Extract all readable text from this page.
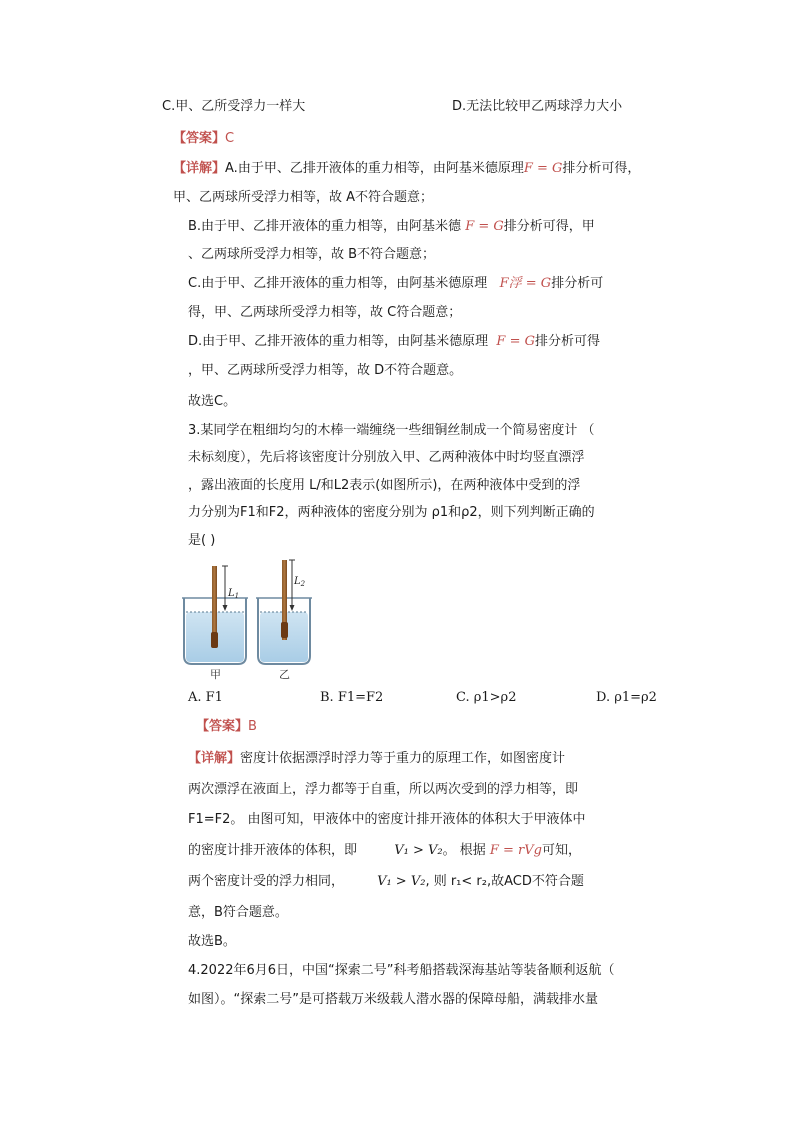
C.甲、乙所受浮力一样大	D.无法比较甲乙两球浮力大小
【答案】C
【详解】A.由于甲、乙排开液体的重力相等，由阿基米德原理F = G排分析可得，
甲、乙两球所受浮力相等，故 A不符合题意；
B.由于甲、乙排开液体的重力相等，由阿基米德 F = G排分析可得，甲
、乙两球所受浮力相等，故 B不符合题意；
C.由于甲、乙排开液体的重力相等，由阿基米德原理 F浮 = G排分析可
得，甲、乙两球所受浮力相等，故 C符合题意；
D.由于甲、乙排开液体的重力相等，由阿基米德原理 F = G排分析可得
，甲、乙两球所受浮力相等，故 D不符合题意。
故选C。
3.某同学在粗细均匀的木棒一端缠绕一些细铜丝制成一个简易密度计 （
未标刻度），先后将该密度计分别放入甲、乙两种液体中时均竖直漂浮
，露出液面的长度用 L/和L2表示(如图所示)，在两种液体中受到的浮
力分别为F1和F2，两种液体的密度分别为 ρ1和ρ2，则下列判断正确的
是( )
$L_1$
甲
$L_2$
乙
A. F1	B. F1=F2	C. ρ1>ρ2	D. ρ1=ρ2
【答案】B
【详解】密度计依据漂浮时浮力等于重力的原理工作，如图密度计
两次漂浮在液面上，浮力都等于自重，所以两次受到的浮力相等，即
F1=F2。 由图可知，甲液体中的密度计排开液体的体积大于甲液体中
的密度计排开液体的体积，即	V₁ > V₂。 根据 F = rVg可知，
两个密度计受的浮力相同，	V₁ > V₂, 则 r₁< r₂,故ACD不符合题
意，B符合题意。
故选B。
4.2022年6月6日，中国“探索二号”科考船搭载深海基站等装备顺利返航（
如图）。“探索二号”是可搭载万米级载人潜水器的保障母船，满载排水量
